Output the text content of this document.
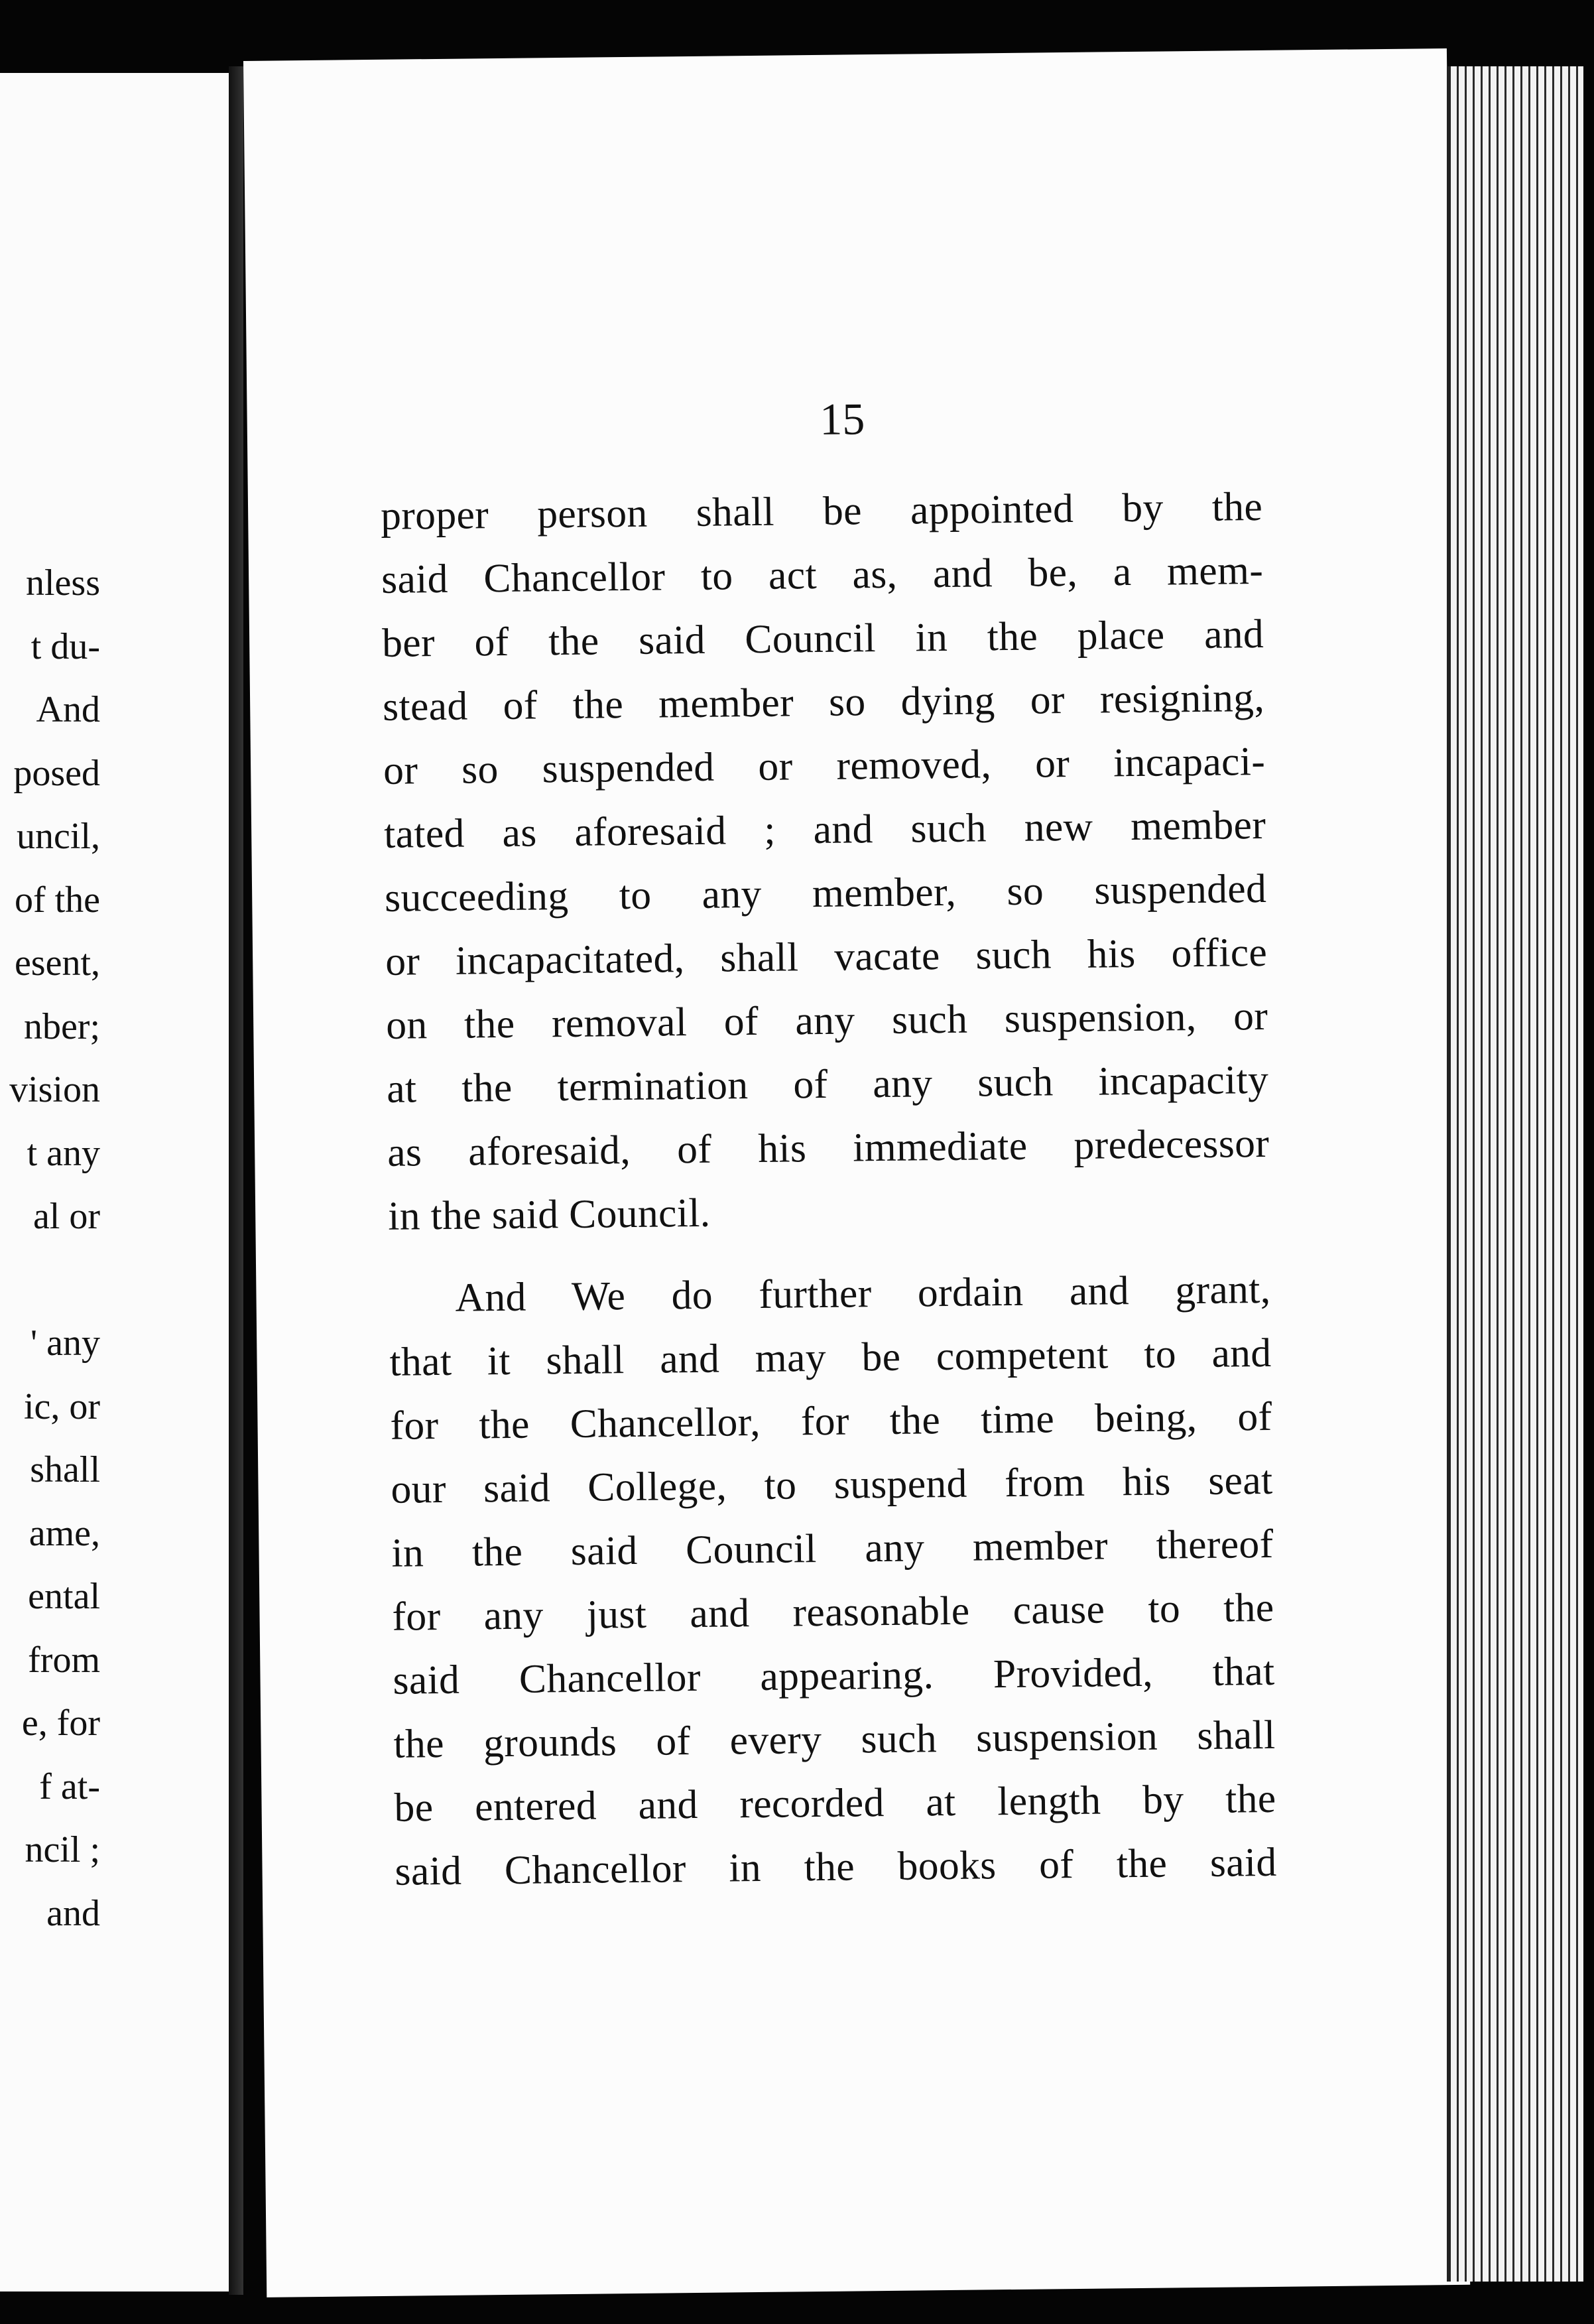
nless
t du-
And
posed
uncil,
of the
esent,
nber;
vision
t any
al or
' any
ic, or
shall
ame,
ental
from
e, for
f at-
ncil ;
and
15
proper person shall be appointed by the
said Chancellor to act as, and be, a mem-
ber of the said Council in the place and
stead of the member so dying or resigning,
or so suspended or removed, or incapaci-
tated as aforesaid ; and such new member
succeeding to any member, so suspended
or incapacitated, shall vacate such his office
on the removal of any such suspension, or
at the termination of any such incapacity
as aforesaid, of his immediate predecessor
in the said Council.
And We do further ordain and grant,
that it shall and may be competent to and
for the Chancellor, for the time being, of
our said College, to suspend from his seat
in the said Council any member thereof
for any just and reasonable cause to the
said Chancellor appearing. Provided, that
the grounds of every such suspension shall
be entered and recorded at length by the
said Chancellor in the books of the said
